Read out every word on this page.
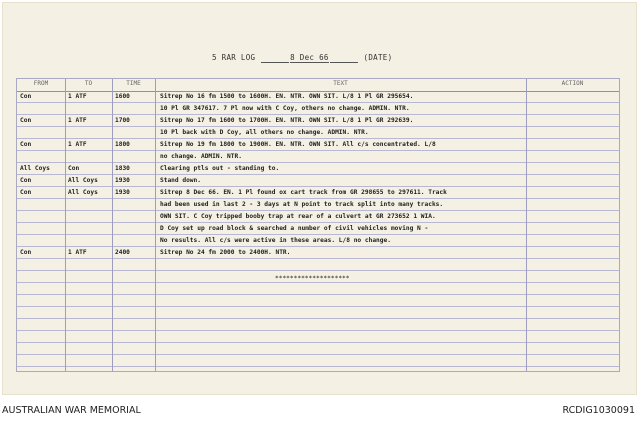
5 RAR LOG	8 Dec 66	(DATE)
FROM	TO	TIME	TEXT	ACTION
Con	1 ATF	1600	Sitrep No 16 fm 1500 to 1600H. EN. NTR. OWN SIT. L/8 1 Pl GR 295654.
10 Pl GR 347617. 7 Pl now with C Coy, others no change. ADMIN. NTR.
Con	1 ATF	1700	Sitrep No 17 fm 1600 to 1700H. EN. NTR. OWN SIT. L/8 1 Pl GR 292639.
10 Pl back with D Coy, all others no change. ADMIN. NTR.
Con	1 ATF	1800	Sitrep No 19 fm 1800 to 1900H. EN. NTR. OWN SIT. All c/s concentrated. L/8
no change. ADMIN. NTR.
All Coys	Con	1830	Clearing ptls out - standing to.
Con	All Coys	1930	Stand down.
Con	All Coys	1930	Sitrep 8 Dec 66. EN. 1 Pl found ox cart track from GR 298655 to 297611. Track
had been used in last 2 - 3 days at N point to track split into many tracks.
OWN SIT. C Coy tripped booby trap at rear of a culvert at GR 273652 1 WIA.
D Coy set up road block & searched a number of civil vehicles moving N -
No results. All c/s were active in these areas. L/8 no change.
Con	1 ATF	2400	Sitrep No 24 fm 2000 to 2400H. NTR.
********************
AUSTRALIAN WAR MEMORIAL	RCDIG1030091
